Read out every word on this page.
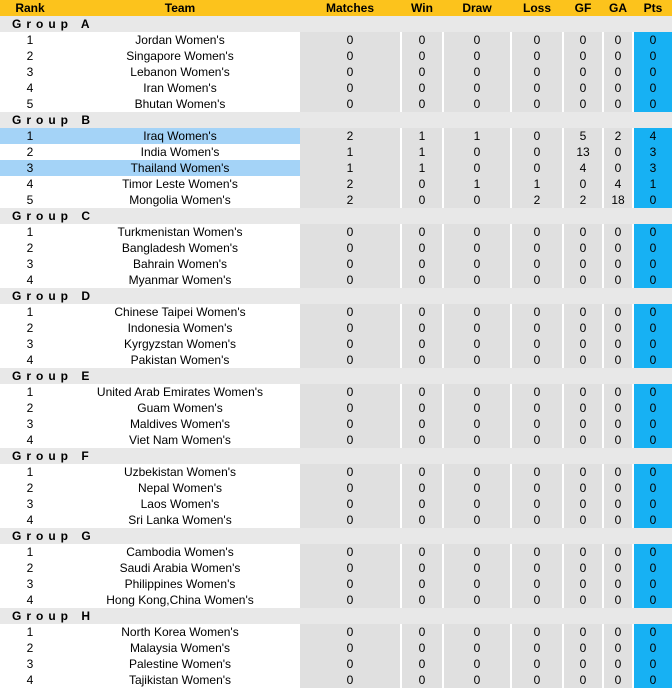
Rank	Team	Matches		Win		Draw		Loss		GF		GA		Pts
Group A														
1	Jordan Women's	0		0		0		0		0		0		0
2	Singapore Women's	0		0		0		0		0		0		0
3	Lebanon Women's	0		0		0		0		0		0		0
4	Iran Women's	0		0		0		0		0		0		0
5	Bhutan Women's	0		0		0		0		0		0		0
Group B														
1	Iraq Women's	2		1		1		0		5		2		4
2	India Women's	1		1		0		0		13		0		3
3	Thailand Women's	1		1		0		0		4		0		3
4	Timor Leste Women's	2		0		1		1		0		4		1
5	Mongolia Women's	2		0		0		2		2		18		0
Group C														
1	Turkmenistan Women's	0		0		0		0		0		0		0
2	Bangladesh Women's	0		0		0		0		0		0		0
3	Bahrain Women's	0		0		0		0		0		0		0
4	Myanmar Women's	0		0		0		0		0		0		0
Group D														
1	Chinese Taipei Women's	0		0		0		0		0		0		0
2	Indonesia Women's	0		0		0		0		0		0		0
3	Kyrgyzstan Women's	0		0		0		0		0		0		0
4	Pakistan Women's	0		0		0		0		0		0		0
Group E														
1	United Arab Emirates Women's	0		0		0		0		0		0		0
2	Guam Women's	0		0		0		0		0		0		0
3	Maldives Women's	0		0		0		0		0		0		0
4	Viet Nam Women's	0		0		0		0		0		0		0
Group F														
1	Uzbekistan Women's	0		0		0		0		0		0		0
2	Nepal Women's	0		0		0		0		0		0		0
3	Laos Women's	0		0		0		0		0		0		0
4	Sri Lanka Women's	0		0		0		0		0		0		0
Group G														
1	Cambodia Women's	0		0		0		0		0		0		0
2	Saudi Arabia Women's	0		0		0		0		0		0		0
3	Philippines Women's	0		0		0		0		0		0		0
4	Hong Kong,China Women's	0		0		0		0		0		0		0
Group H														
1	North Korea Women's	0		0		0		0		0		0		0
2	Malaysia Women's	0		0		0		0		0		0		0
3	Palestine Women's	0		0		0		0		0		0		0
4	Tajikistan Women's	0		0		0		0		0		0		0
